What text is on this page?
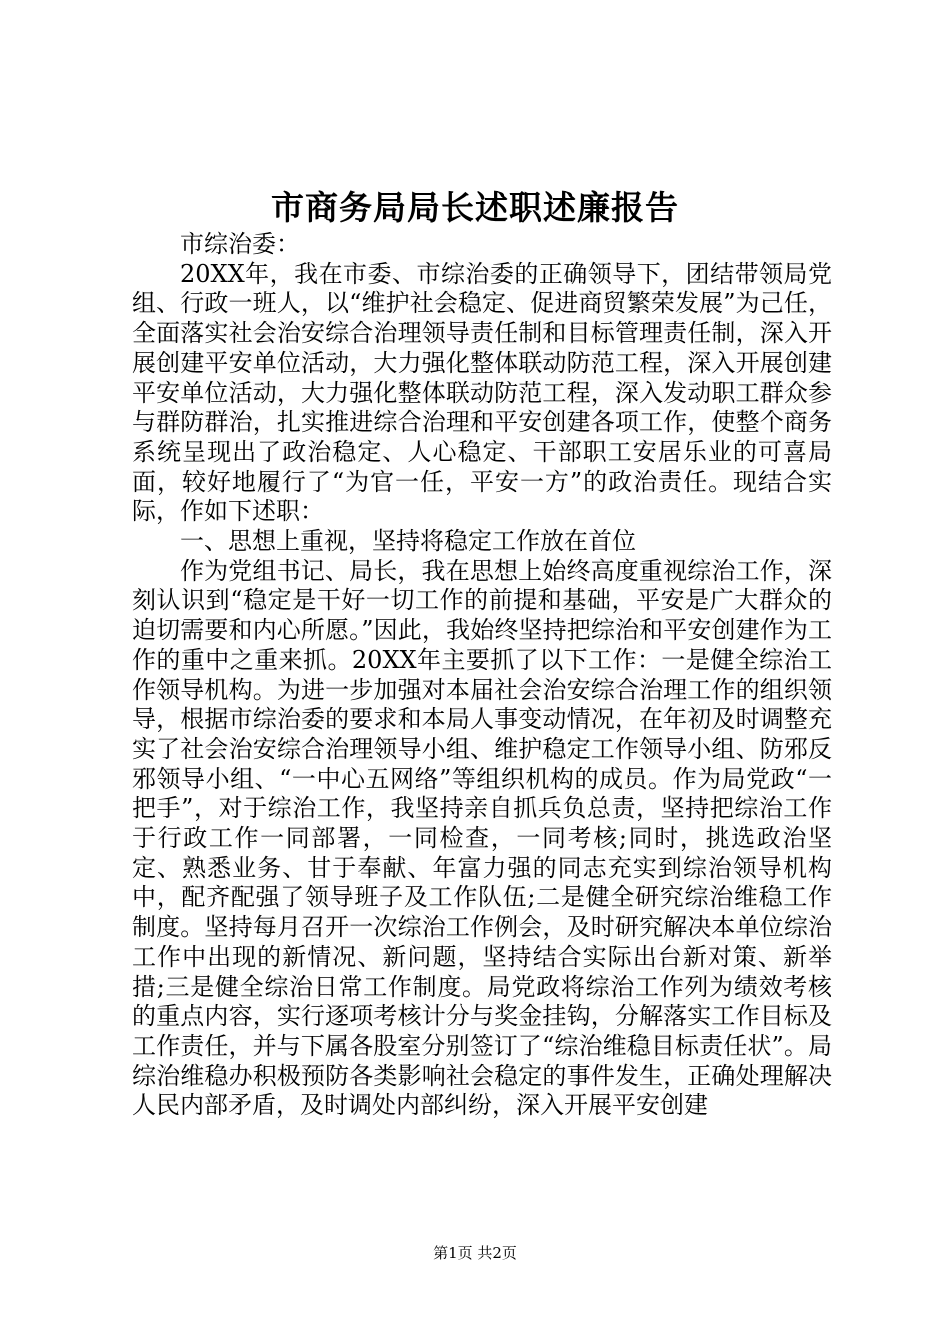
市商务局局长述职述廉报告

市综治委：

20XX年，我在市委、市综治委的正确领导下，团结带领局党组、行政一班人，以“维护社会稳定、促进商贸繁荣发展”为己任，全面落实社会治安综合治理领导责任制和目标管理责任制，深入开展创建平安单位活动，大力强化整体联动防范工程，深入开展创建平安单位活动，大力强化整体联动防范工程，深入发动职工群众参与群防群治，扎实推进综合治理和平安创建各项工作，使整个商务系统呈现出了政治稳定、人心稳定、干部职工安居乐业的可喜局面，较好地履行了“为官一任，平安一方”的政治责任。现结合实际，作如下述职：

一、思想上重视，坚持将稳定工作放在首位

作为党组书记、局长，我在思想上始终高度重视综治工作，深刻认识到“稳定是干好一切工作的前提和基础，平安是广大群众的迫切需要和内心所愿。”因此，我始终坚持把综治和平安创建作为工作的重中之重来抓。20XX年主要抓了以下工作：一是健全综治工作领导机构。为进一步加强对本届社会治安综合治理工作的组织领导，根据市综治委的要求和本局人事变动情况，在年初及时调整充实了社会治安综合治理领导小组、维护稳定工作领导小组、防邪反邪领导小组、“一中心五网络”等组织机构的成员。作为局党政“一把手”，对于综治工作，我坚持亲自抓兵负总责，坚持把综治工作于行政工作一同部署，一同检查，一同考核;同时，挑选政治坚定、熟悉业务、甘于奉献、年富力强的同志充实到综治领导机构中，配齐配强了领导班子及工作队伍;二是健全研究综治维稳工作制度。坚持每月召开一次综治工作例会，及时研究解决本单位综治工作中出现的新情况、新问题，坚持结合实际出台新对策、新举措;三是健全综治日常工作制度。局党政将综治工作列为绩效考核的重点内容，实行逐项考核计分与奖金挂钩，分解落实工作目标及工作责任，并与下属各股室分别签订了“综治维稳目标责任状”。局综治维稳办积极预防各类影响社会稳定的事件发生，正确处理解决人民内部矛盾，及时调处内部纠纷，深入开展平安创建

第1页 共2页
